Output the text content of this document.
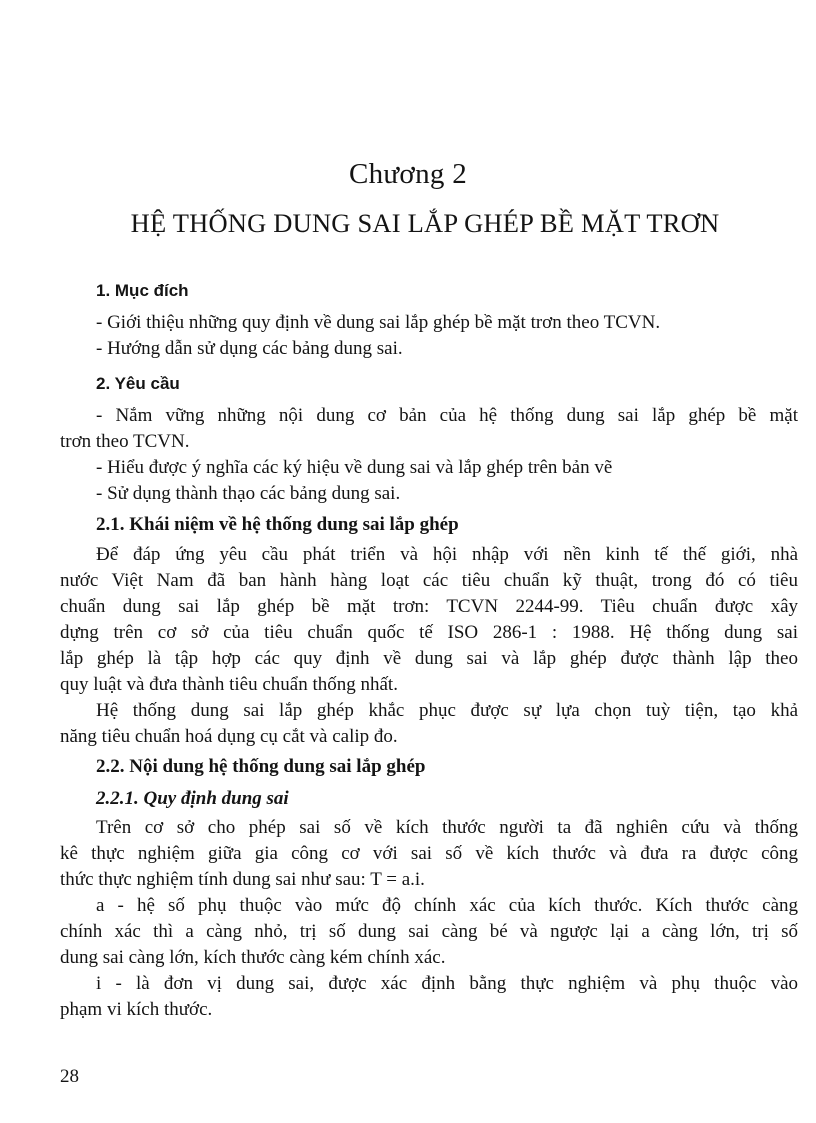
Chương 2
HỆ THỐNG DUNG SAI LẮP GHÉP BỀ MẶT TRƠN
1. Mục đích
- Giới thiệu những quy định về dung sai lắp ghép bề mặt trơn theo TCVN.
- Hướng dẫn sử dụng các bảng dung sai.
2. Yêu cầu
- Nắm vững những nội dung cơ bản của hệ thống dung sai lắp ghép bề mặt
trơn theo TCVN.
- Hiểu được ý nghĩa các ký hiệu về dung sai và lắp ghép trên bản vẽ
- Sử dụng thành thạo các bảng dung sai.
2.1. Khái niệm về hệ thống dung sai lắp ghép
Để đáp ứng yêu cầu phát triển và hội nhập với nền kinh tế thế giới, nhà
nước Việt Nam đã ban hành hàng loạt các tiêu chuẩn kỹ thuật, trong đó có tiêu
chuẩn dung sai lắp ghép bề mặt trơn: TCVN 2244-99. Tiêu chuẩn được xây
dựng trên cơ sở của tiêu chuẩn quốc tế ISO 286-1 : 1988. Hệ thống dung sai
lắp ghép là tập hợp các quy định về dung sai và lắp ghép được thành lập theo
quy luật và đưa thành tiêu chuẩn thống nhất.
Hệ thống dung sai lắp ghép khắc phục được sự lựa chọn tuỳ tiện, tạo khả
năng tiêu chuẩn hoá dụng cụ cắt và calip đo.
2.2. Nội dung hệ thống dung sai lắp ghép
2.2.1. Quy định dung sai
Trên cơ sở cho phép sai số về kích thước người ta đã nghiên cứu và thống
kê thực nghiệm giữa gia công cơ với sai số về kích thước và đưa ra được công
thức thực nghiệm tính dung sai như sau: T = a.i.
a - hệ số phụ thuộc vào mức độ chính xác của kích thước. Kích thước càng
chính xác thì a càng nhỏ, trị số dung sai càng bé và ngược lại a càng lớn, trị số
dung sai càng lớn, kích thước càng kém chính xác.
i - là đơn vị dung sai, được xác định bằng thực nghiệm và phụ thuộc vào
phạm vi kích thước.
28
